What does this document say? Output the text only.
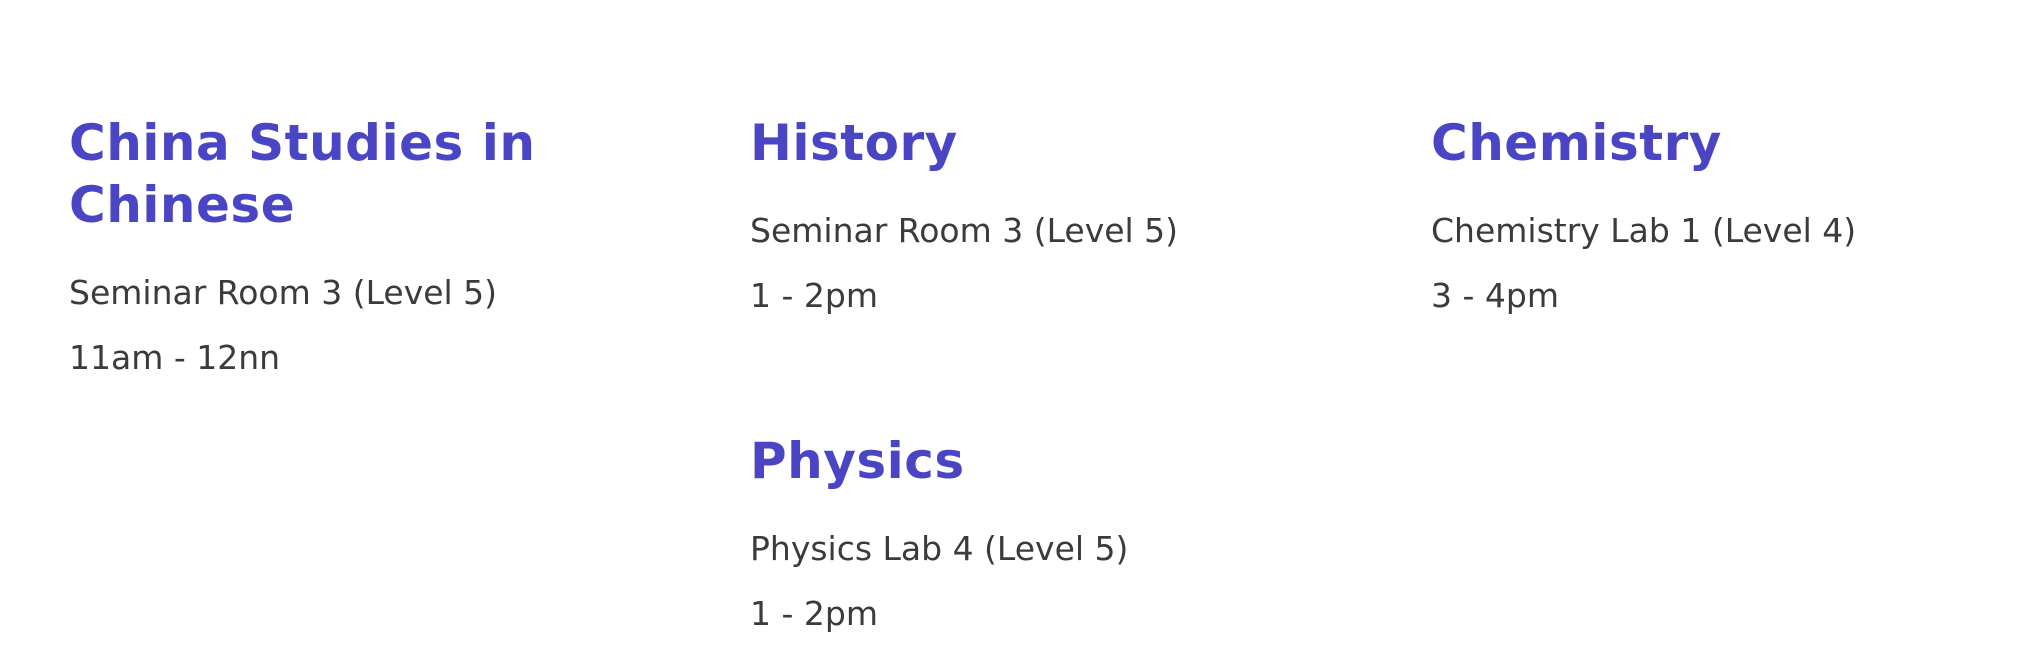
China Studies in Chinese

Seminar Room 3 (Level 5)

11am - 12nn

History

Seminar Room 3 (Level 5)

1 - 2pm

Chemistry

Chemistry Lab 1 (Level 4)

3 - 4pm

Physics

Physics Lab 4 (Level 5)

1 - 2pm
